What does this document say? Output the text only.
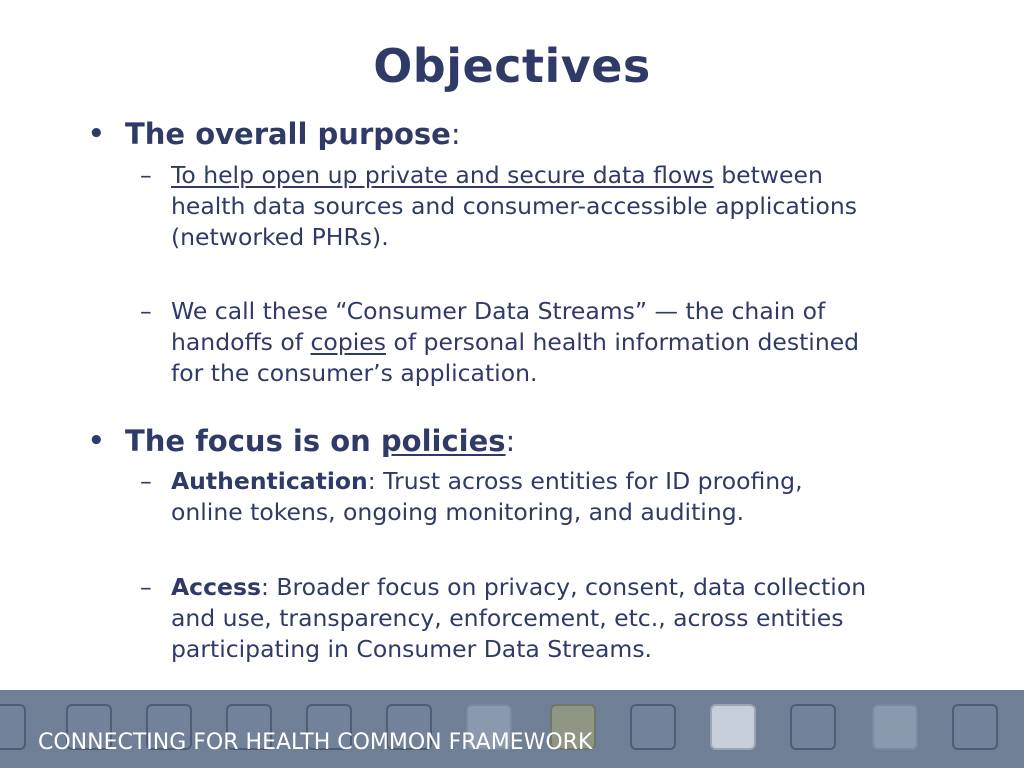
Objectives
• The overall purpose:
– To help open up private and secure data flows between
health data sources and consumer-accessible applications
(networked PHRs).
– We call these “Consumer Data Streams” — the chain of
handoffs of copies of personal health information destined
for the consumer’s application.
• The focus is on policies:
– Authentication: Trust across entities for ID proofing,
online tokens, ongoing monitoring, and auditing.
– Access: Broader focus on privacy, consent, data collection
and use, transparency, enforcement, etc., across entities
participating in Consumer Data Streams.
CONNECTING FOR HEALTH COMMON FRAMEWORK
